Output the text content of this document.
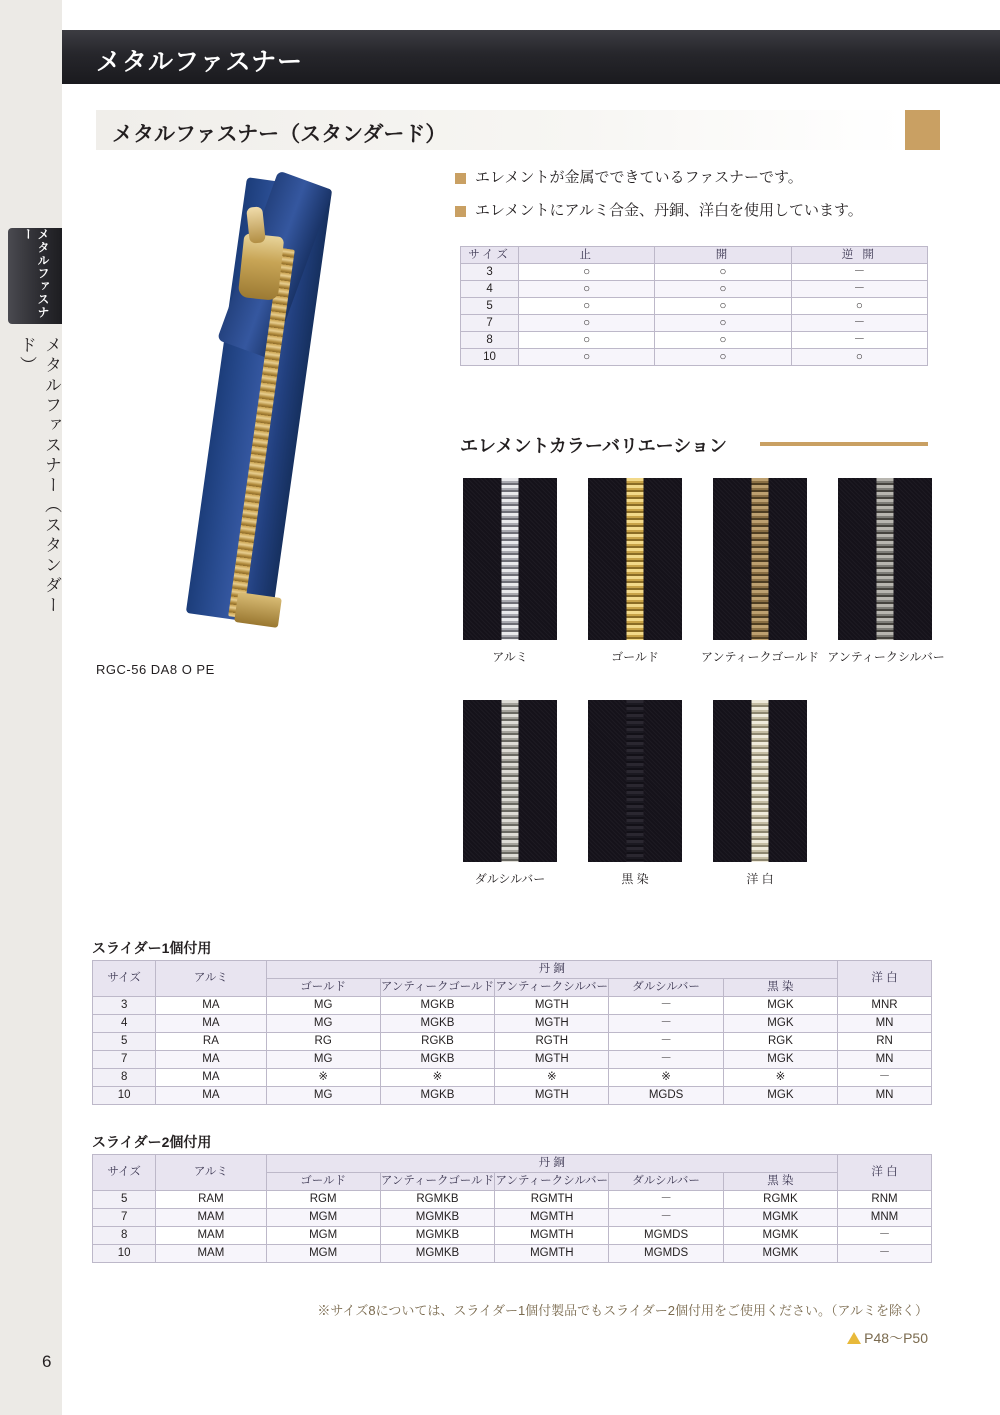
メタルファスナー
メタルファスナー
メタルファスナー（スタンダード）
メタルファスナー（スタンダード）
RGC-56 DA8 O PE
エレメントが金属でできているファスナーです。
エレメントにアルミ合金、丹銅、洋白を使用しています。
サイズ	止	開	逆 開
3	○	○	－
4	○	○	－
5	○	○	○
7	○	○	－
8	○	○	－
10	○	○	○
エレメントカラーバリエーション
アルミ	ゴールド	アンティークゴールド アンティークシルバー
ダルシルバー	黒 染	洋 白
スライダー1個付用
サイズ	アルミ	丹 銅					洋 白
		ゴールド	アンティークゴールド	アンティークシルバー	ダルシルバー	黒 染	
3	MA	MG	MGKB	MGTH	－	MGK	MNR
4	MA	MG	MGKB	MGTH	－	MGK	MN
5	RA	RG	RGKB	RGTH	－	RGK	RN
7	MA	MG	MGKB	MGTH	－	MGK	MN
8	MA	※	※	※	※	※	－
10	MA	MG	MGKB	MGTH	MGDS	MGK	MN
スライダー2個付用
サイズ	アルミ	丹 銅					洋 白
		ゴールド	アンティークゴールド	アンティークシルバー	ダルシルバー	黒 染	
5	RAM	RGM	RGMKB	RGMTH	－	RGMK	RNM
7	MAM	MGM	MGMKB	MGMTH	－	MGMK	MNM
8	MAM	MGM	MGMKB	MGMTH	MGMDS	MGMK	－
10	MAM	MGM	MGMKB	MGMTH	MGMDS	MGMK	－
※サイズ8については、スライダー1個付製品でもスライダー2個付用をご使用ください。（アルミを除く）
P48〜P50
6
